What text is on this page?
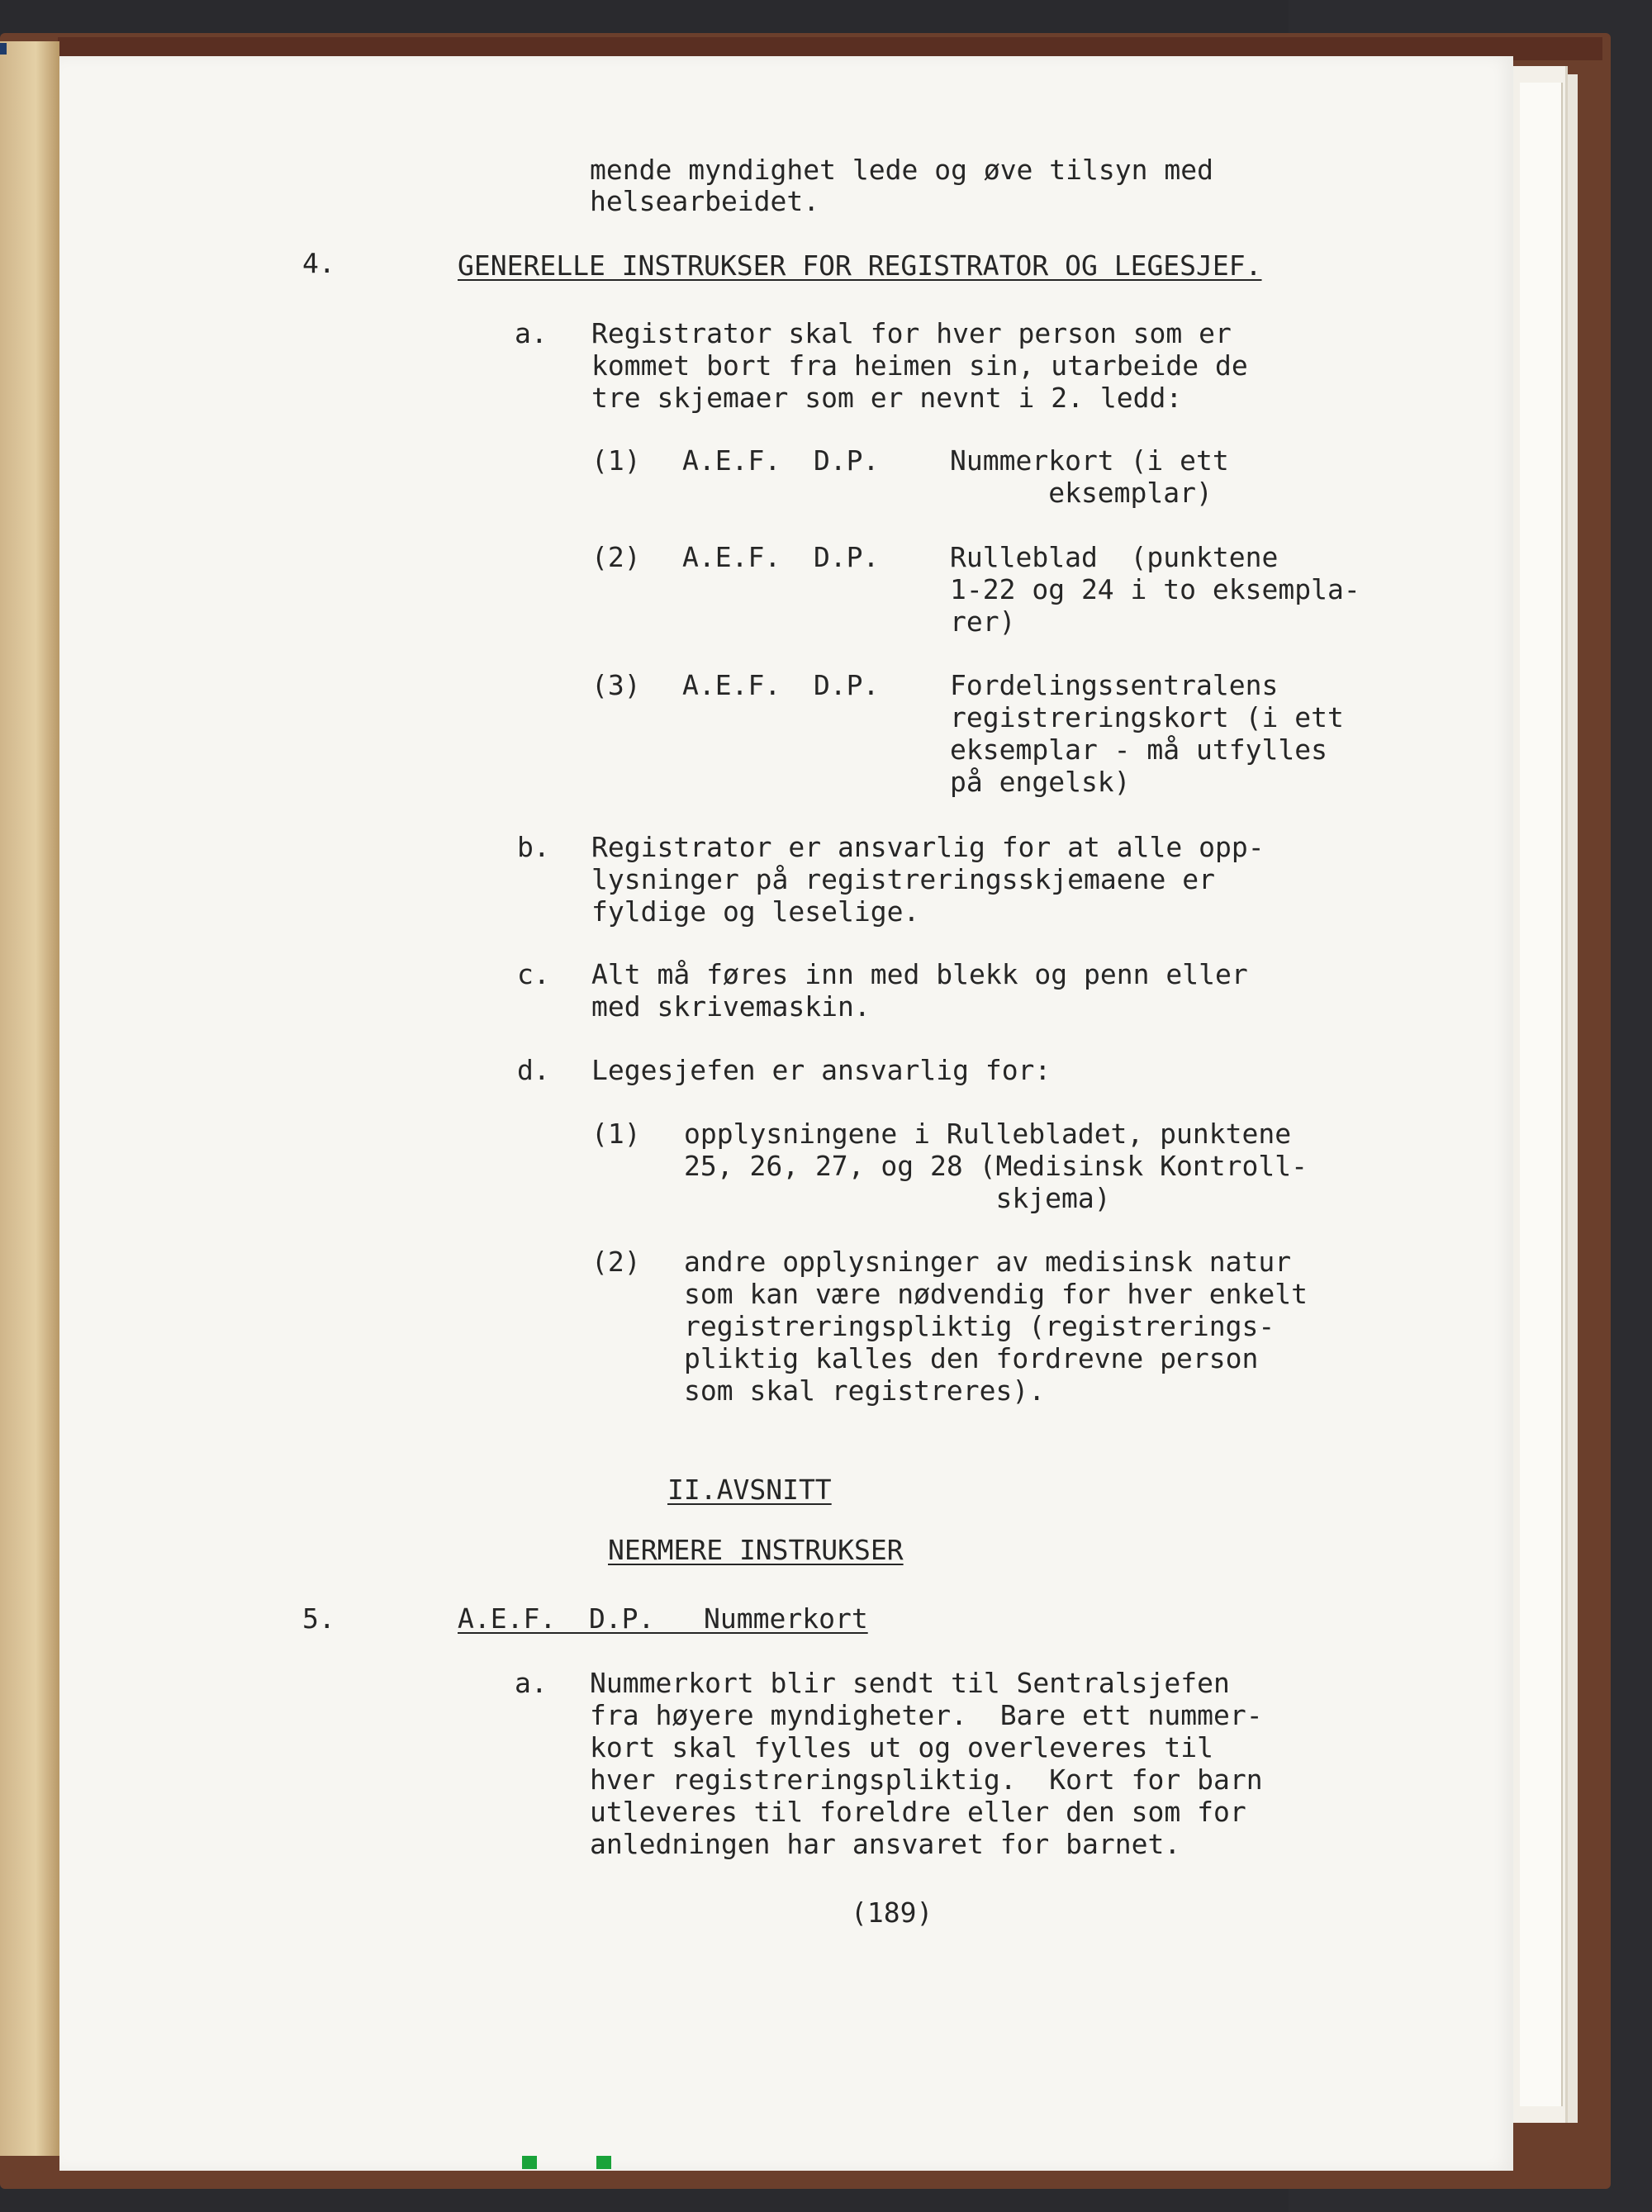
mende myndighet lede og øve tilsyn med

helsearbeidet.

4.	GENERELLE INSTRUKSER FOR REGISTRATOR OG LEGESJEF.

a. Registrator skal for hver person som er

kommet bort fra heimen sin, utarbeide de

tre skjemaer som er nevnt i 2. ledd:

(1) A.E.F.  D.P.	Nummerkort (i ett

eksemplar)

(2) A.E.F.  D.P.	Rulleblad  (punktene

1-22 og 24 i to eksempla-

rer)

(3) A.E.F.  D.P.	Fordelingssentralens

registreringskort (i ett

eksemplar - må utfylles

på engelsk)

b. Registrator er ansvarlig for at alle opp-

lysninger på registreringsskjemaene er

fyldige og leselige.

c. Alt må føres inn med blekk og penn eller

med skrivemaskin.

d. Legesjefen er ansvarlig for:

(1) opplysningene i Rullebladet, punktene

25, 26, 27, og 28 (Medisinsk Kontroll-

skjema)

(2) andre opplysninger av medisinsk natur

som kan være nødvendig for hver enkelt

registreringspliktig (registrerings-

pliktig kalles den fordrevne person

som skal registreres).

II.AVSNITT

NERMERE INSTRUKSER

5.	A.E.F.  D.P.   Nummerkort

a. Nummerkort blir sendt til Sentralsjefen

fra høyere myndigheter.  Bare ett nummer-

kort skal fylles ut og overleveres til

hver registreringspliktig.  Kort for barn

utleveres til foreldre eller den som for

anledningen har ansvaret for barnet.

(189)
